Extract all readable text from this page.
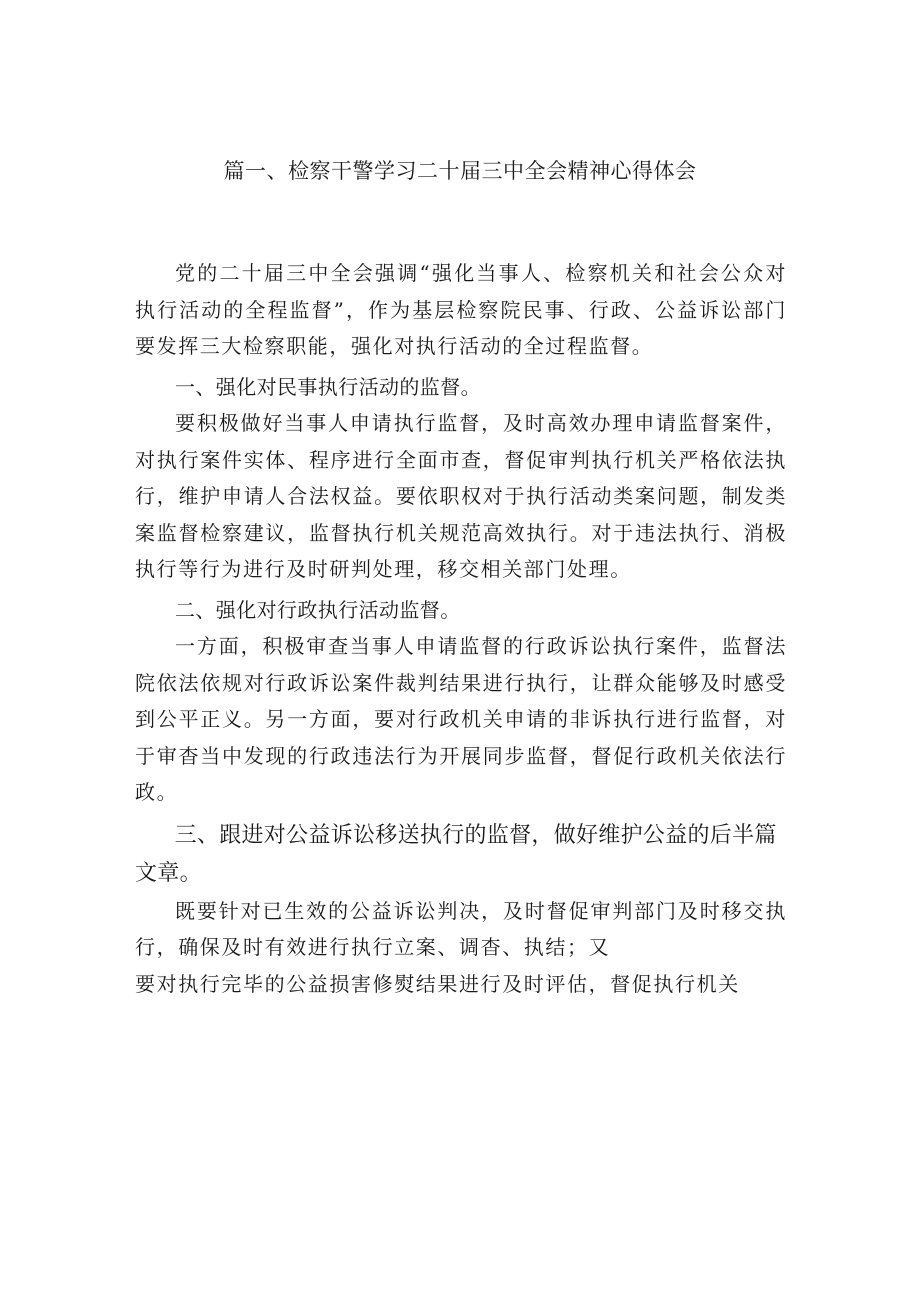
篇一、检察干警学习二十届三中全会精神心得体会

党的二十届三中全会强调“强化当事人、检察机关和社会公众对执行活动的全程监督”，作为基层检察院民事、行政、公益诉讼部门要发挥三大检察职能，强化对执行活动的全过程监督。

一、强化对民事执行活动的监督。

要积极做好当事人申请执行监督，及时高效办理申请监督案件，对执行案件实体、程序进行全面市查，督促审判执行机关严格依法执行，维护申请人合法权益。要依职权对于执行活动类案问题，制发类案监督检察建议，监督执行机关规范高效执行。对于违法执行、消极执行等行为进行及时研判处理，移交相关部门处理。

二、强化对行政执行活动监督。

一方面，积极审查当事人申请监督的行政诉讼执行案件，监督法院依法依规对行政诉讼案件裁判结果进行执行，让群众能够及时感受到公平正义。另一方面，要对行政机关申请的非诉执行进行监督，对于审杳当中发现的行政违法行为开展同步监督，督促行政机关依法行政。

三、跟进对公益诉讼移送执行的监督，做好维护公益的后半篇文章。

既要针对已生效的公益诉讼判决，及时督促审判部门及时移交执行，确保及时有效进行执行立案、调杳、执结；又

要对执行完毕的公益损害修熨结果进行及时评估，督促执行机关
